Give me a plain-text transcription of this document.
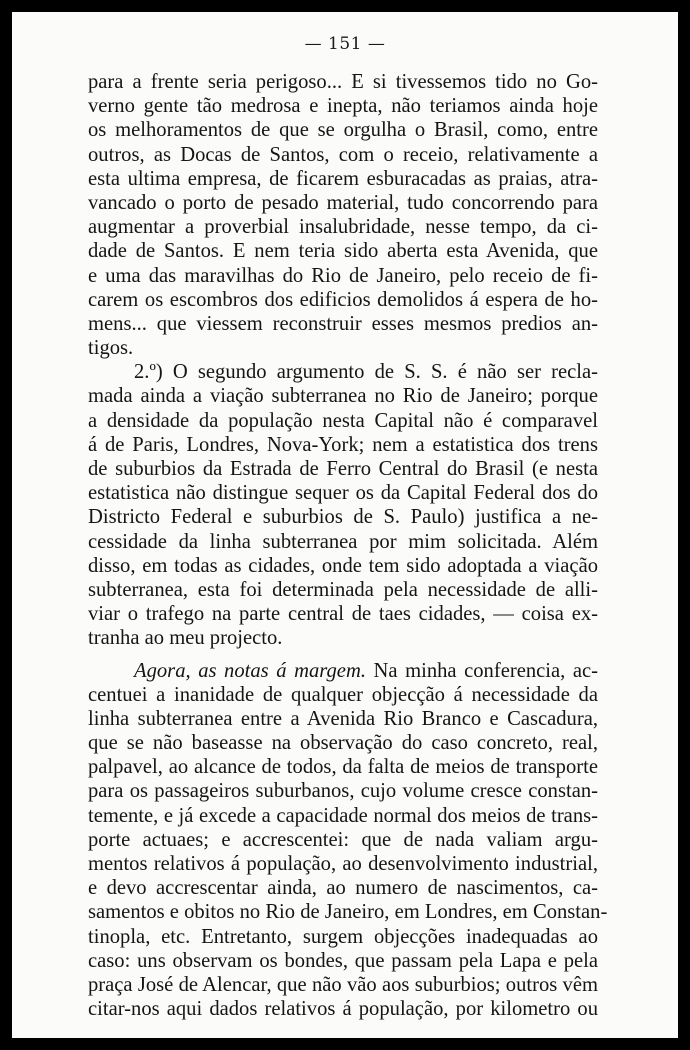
— 151 —
para a frente seria perigoso... E si tivessemos tido no Go-
verno gente tão medrosa e inepta, não teriamos ainda hoje
os melhoramentos de que se orgulha o Brasil, como, entre
outros, as Docas de Santos, com o receio, relativamente a
esta ultima empresa, de ficarem esburacadas as praias, atra-
vancado o porto de pesado material, tudo concorrendo para
augmentar a proverbial insalubridade, nesse tempo, da ci-
dade de Santos. E nem teria sido aberta esta Avenida, que
e uma das maravilhas do Rio de Janeiro, pelo receio de fi-
carem os escombros dos edificios demolidos á espera de ho-
mens... que viessem reconstruir esses mesmos predios an-
tigos.
2.º) O segundo argumento de S. S. é não ser recla-
mada ainda a viação subterranea no Rio de Janeiro; porque
a densidade da população nesta Capital não é comparavel
á de Paris, Londres, Nova-York; nem a estatistica dos trens
de suburbios da Estrada de Ferro Central do Brasil (e nesta
estatistica não distingue sequer os da Capital Federal dos do
Districto Federal e suburbios de S. Paulo) justifica a ne-
cessidade da linha subterranea por mim solicitada. Além
disso, em todas as cidades, onde tem sido adoptada a viação
subterranea, esta foi determinada pela necessidade de alli-
viar o trafego na parte central de taes cidades, — coisa ex-
tranha ao meu projecto.
Agora, as notas á margem. Na minha conferencia, ac-
centuei a inanidade de qualquer objecção á necessidade da
linha subterranea entre a Avenida Rio Branco e Cascadura,
que se não baseasse na observação do caso concreto, real,
palpavel, ao alcance de todos, da falta de meios de transporte
para os passageiros suburbanos, cujo volume cresce constan-
temente, e já excede a capacidade normal dos meios de trans-
porte actuaes; e accrescentei: que de nada valiam argu-
mentos relativos á população, ao desenvolvimento industrial,
e devo accrescentar ainda, ao numero de nascimentos, ca-
samentos e obitos no Rio de Janeiro, em Londres, em Constan-
tinopla, etc. Entretanto, surgem objecções inadequadas ao
caso: uns observam os bondes, que passam pela Lapa e pela
praça José de Alencar, que não vão aos suburbios; outros vêm
citar-nos aqui dados relativos á população, por kilometro ou
